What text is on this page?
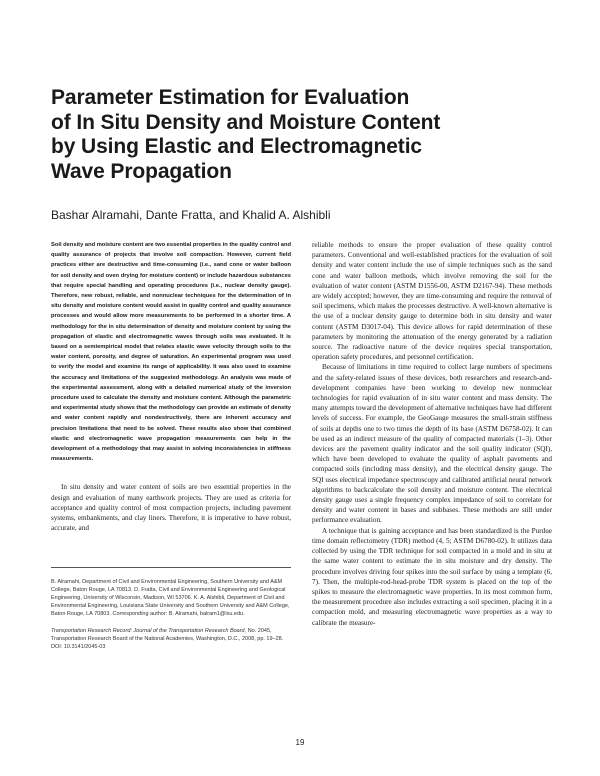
Parameter Estimation for Evaluation
of In Situ Density and Moisture Content
by Using Elastic and Electromagnetic
Wave Propagation
Bashar Alramahi, Dante Fratta, and Khalid A. Alshibli
Soil density and moisture content are two essential properties in the quality control and quality assurance of projects that involve soil compaction. However, current field practices either are destructive and time-consuming (i.e., sand cone or water balloon for soil density and oven drying for moisture content) or include hazardous substances that require special handling and operating procedures (i.e., nuclear density gauge). Therefore, new robust, reliable, and nonnuclear techniques for the determination of in situ density and moisture content would assist in quality control and quality assurance processes and would allow more measurements to be performed in a shorter time. A methodology for the in situ determination of density and moisture content by using the propagation of elastic and electromagnetic waves through soils was evaluated. It is based on a semiempirical model that relates elastic wave velocity through soils to the water content, porosity, and degree of saturation. An experimental program was used to verify the model and examine its range of applicability. It was also used to examine the accuracy and limitations of the suggested methodology. An analysis was made of the experimental assessment, along with a detailed numerical study of the inversion procedure used to calculate the density and moisture content. Although the parametric and experimental study shows that the methodology can provide an estimate of density and water content rapidly and nondestructively, there are inherent accuracy and precision limitations that need to be solved. These results also show that combined elastic and electromagnetic wave propagation measurements can help in the development of a methodology that may assist in solving inconsistencies in stiffness measurements.

In situ density and water content of soils are two essential properties in the design and evaluation of many earthwork projects. They are used as criteria for acceptance and quality control of most compaction projects, including pavement systems, embankments, and clay liners. Therefore, it is imperative to have robust, accurate, and

B. Alramahi, Department of Civil and Environmental Engineering, Southern University and A&M College, Baton Rouge, LA 70813. D. Fratta, Civil and Environmental Engineering and Geological Engineering, University of Wisconsin, Madison, WI 53706. K. A. Alshibli, Department of Civil and Environmental Engineering, Louisiana State University and Southern University and A&M College, Baton Rouge, LA 70803. Corresponding author: B. Alramahi, balram1@lsu.edu.
Transportation Research Record: Journal of the Transportation Research Board, No. 2045, Transportation Research Board of the National Academies, Washington, D.C., 2008, pp. 19–28.
DOI: 10.3141/2045-03

reliable methods to ensure the proper evaluation of these quality control parameters. Conventional and well-established practices for the evaluation of soil density and water content include the use of simple techniques such as the sand cone and water balloon methods, which involve removing the soil for the evaluation of water content (ASTM D1556-00, ASTM D2167-94). These methods are widely accepted; however, they are time-consuming and require the removal of soil specimens, which makes the processes destructive. A well-known alternative is the use of a nuclear density gauge to determine both in situ density and water content (ASTM D3017-04). This device allows for rapid determination of these parameters by monitoring the attenuation of the energy generated by a radiation source. The radioactive nature of the device requires special transportation, operation safety procedures, and personnel certification.

Because of limitations in time required to collect large numbers of specimens and the safety-related issues of these devices, both researchers and research-and-development companies have been working to develop new nonnuclear technologies for rapid evaluation of in situ water content and mass density. The many attempts toward the development of alternative techniques have had different levels of success. For example, the GeoGauge measures the small-strain stiffness of soils at depths one to two times the depth of its base (ASTM D6758-02). It can be used as an indirect measure of the quality of compacted materials (1–3). Other devices are the pavement quality indicator and the soil quality indicator (SQI), which have been developed to evaluate the quality of asphalt pavements and compacted soils (including mass density), and the electrical density gauge. The SQI uses electrical impedance spectroscopy and calibrated artificial neural network algorithms to backcalculate the soil density and moisture content. The electrical density gauge uses a single frequency complex impedance of soil to correlate for density and water content in bases and subbases. These methods are still under performance evaluation.

A technique that is gaining acceptance and has been standardized is the Purdue time domain reflectometry (TDR) method (4, 5; ASTM D6780-02). It utilizes data collected by using the TDR technique for soil compacted in a mold and in situ at the same water content to estimate the in situ moisture and dry density. The procedure involves driving four spikes into the soil surface by using a template (6, 7). Then, the multiple-rod-head-probe TDR system is placed on the top of the spikes to measure the electromagnetic wave properties. In its most common form, the measurement procedure also includes extracting a soil specimen, placing it in a compaction mold, and measuring electromagnetic wave properties as a way to calibrate the measure-

19
